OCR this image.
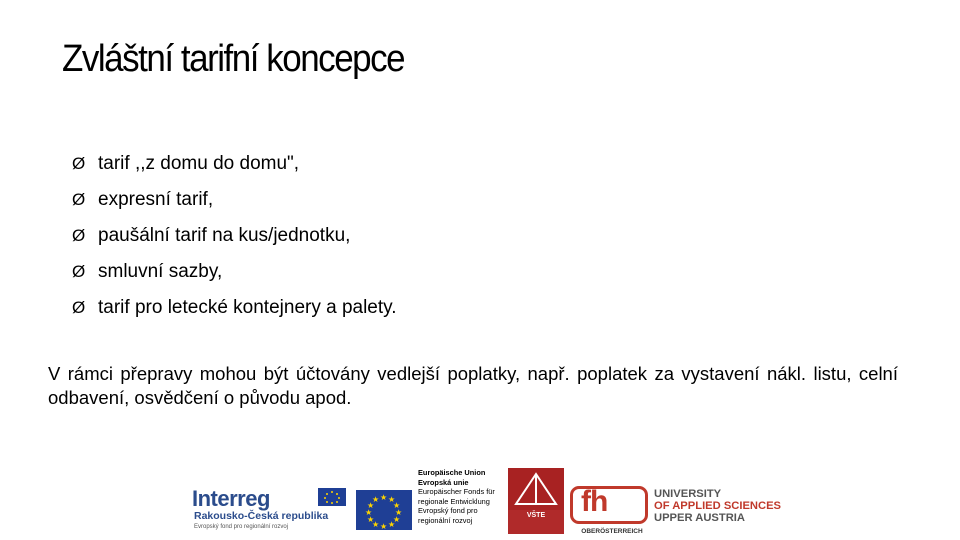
Zvláštní tarifní koncepce
Ø tarif ,,z domu do domu",
Ø expresní tarif,
Ø paušální tarif na kus/jednotku,
Ø smluvní sazby,
Ø tarif pro letecké kontejnery a palety.
V rámci přepravy mohou být účtovány vedlejší poplatky, např. poplatek za vystavení nákl. listu, celní odbavení, osvědčení o původu apod.
Interreg
Rakousko-Česká republika
Evropský fond pro regionální rozvoj
★ ★
★
★
★
★
★
★
★
★
★
★
Europäische Union
Evropská unie
Europäischer Fonds für
regionale Entwicklung
Evropský fond pro
regionální rozvoj
VŠTE	fh
OBERÖSTERREICH
UNIVERSITY
OF APPLIED SCIENCES
UPPER AUSTRIA
